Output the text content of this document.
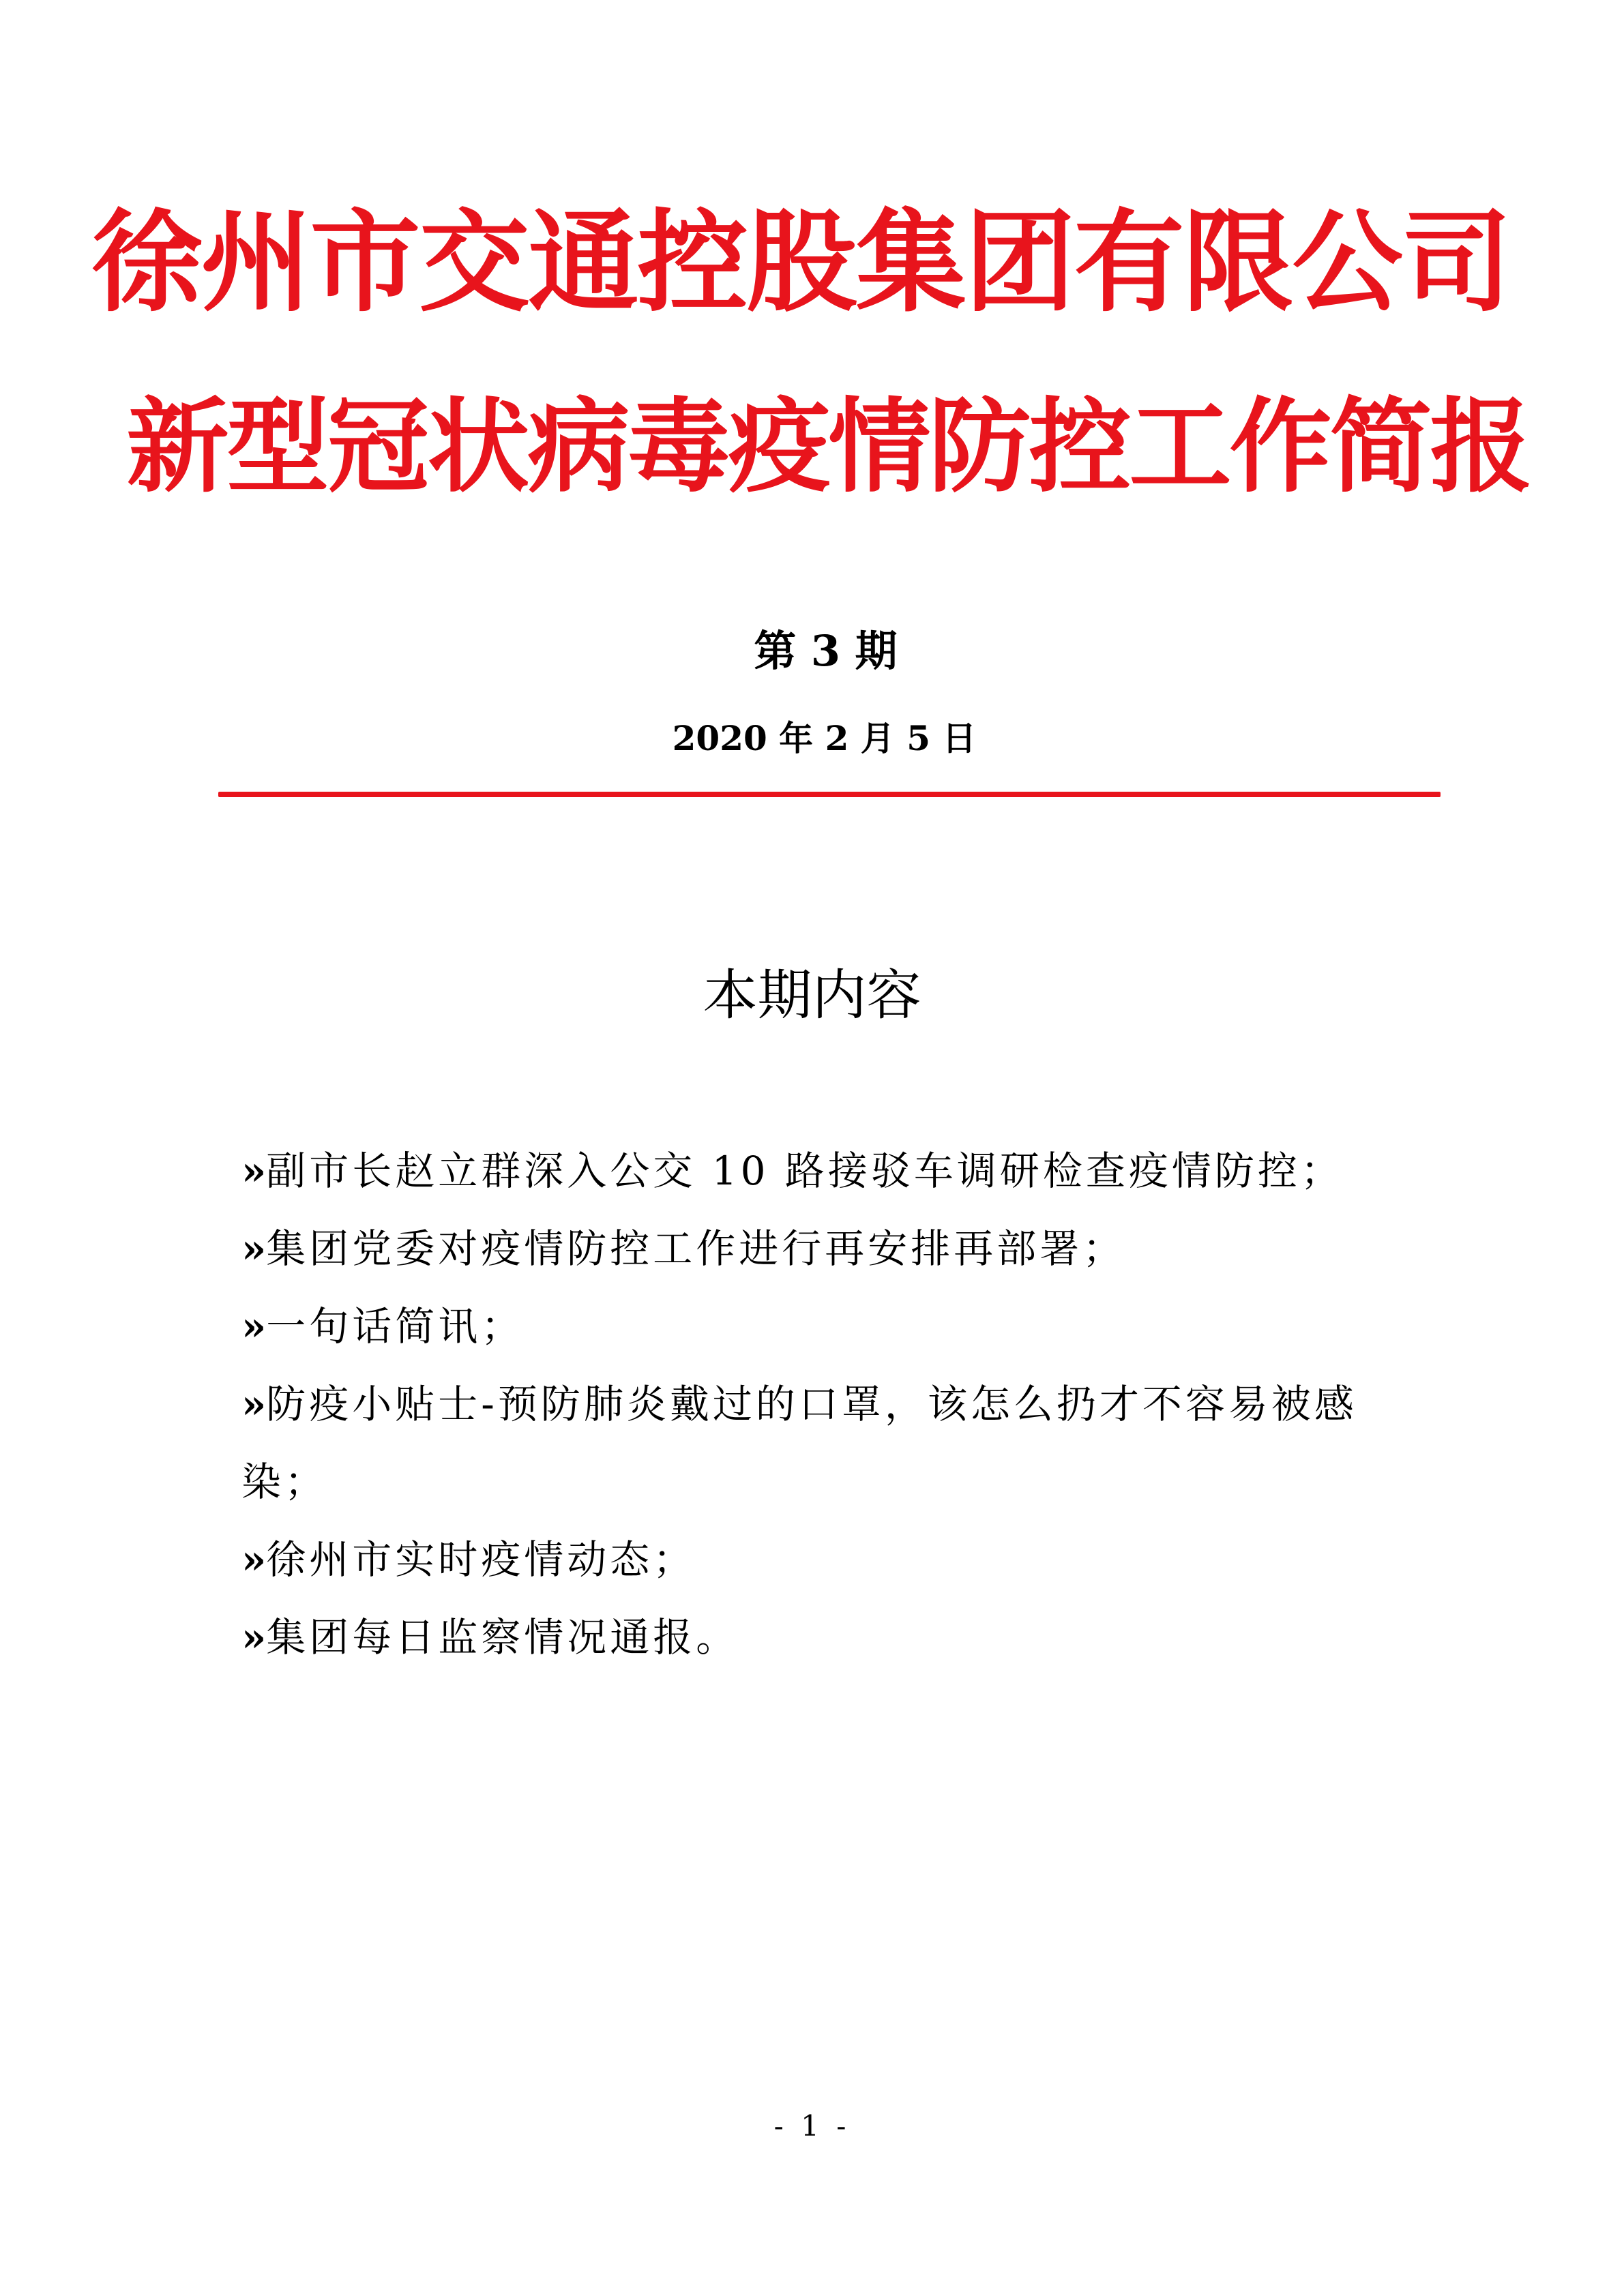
徐州市交通控股集团有限公司
新型冠状病毒疫情防控工作简报
第 3 期
2020 年 2 月 5 日
本期内容
»副市长赵立群深入公交 10 路接驳车调研检查疫情防控；
»集团党委对疫情防控工作进行再安排再部署；
»一句话简讯；
»防疫小贴士-预防肺炎戴过的口罩，该怎么扔才不容易被感染；
»徐州市实时疫情动态；
»集团每日监察情况通报。
- 1 -
